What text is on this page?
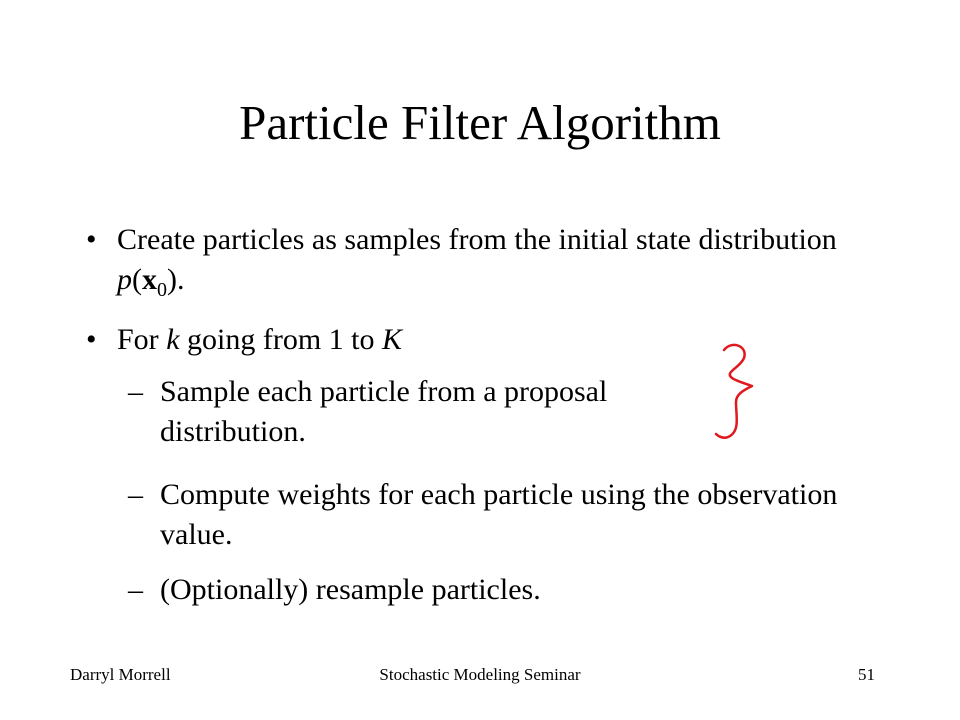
Particle Filter Algorithm
• Create particles as samples from the initial state distribution $p(x_0)$.
• For k going from 1 to K
– Sample each particle from a proposal distribution.
– Compute weights for each particle using the observation value.
– (Optionally) resample particles.
Darryl Morrell	Stochastic Modeling Seminar	51
